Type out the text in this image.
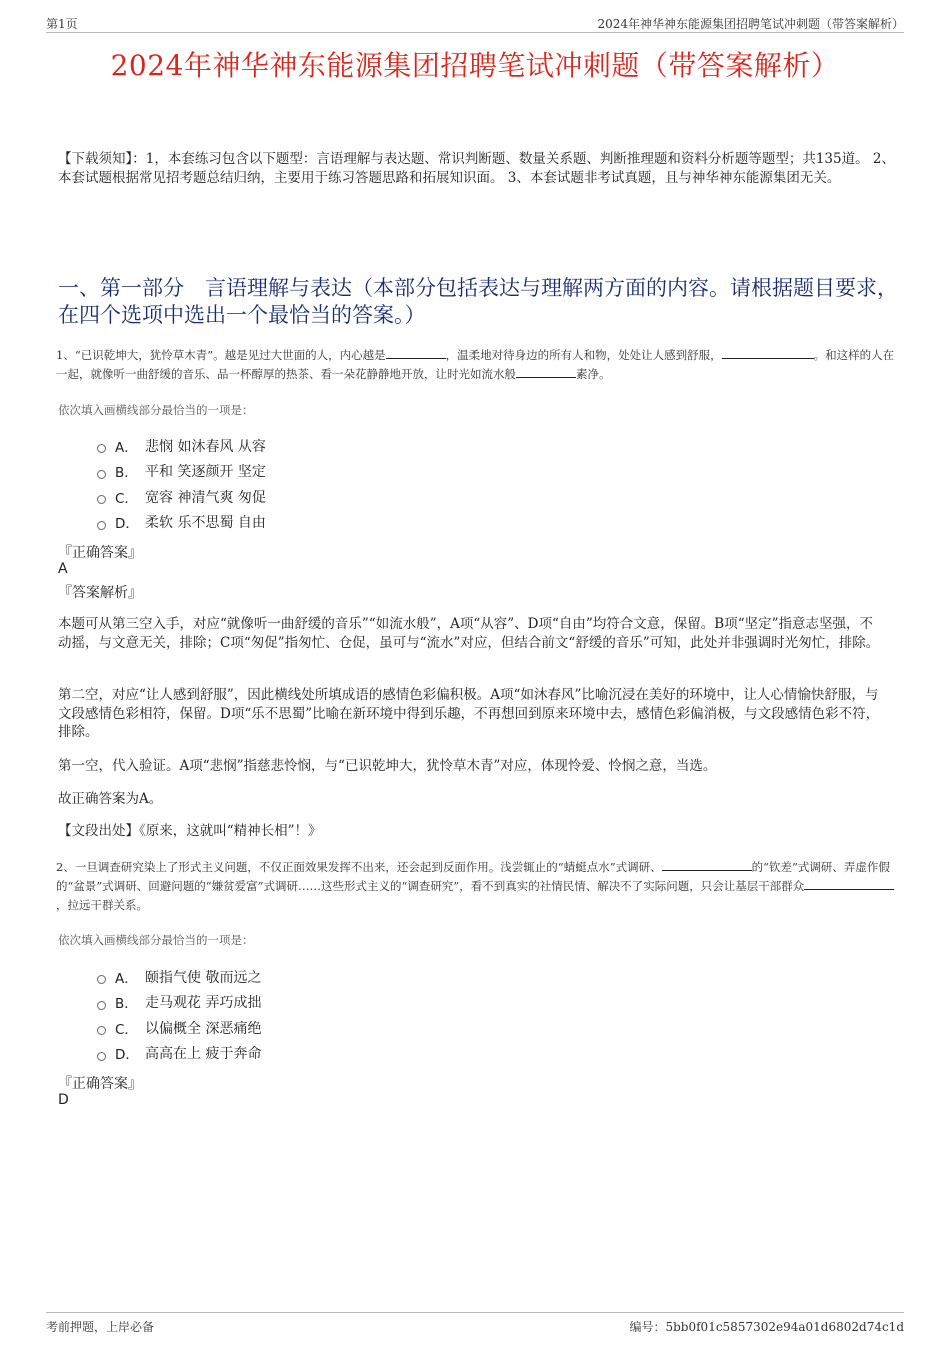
第1页	2024年神华神东能源集团招聘笔试冲刺题（带答案解析）
2024年神华神东能源集团招聘笔试冲刺题（带答案解析）
【下载须知】：1，本套练习包含以下题型：言语理解与表达题、常识判断题、数量关系题、判断推理题和资料分析题等题型；共135道。 2、本套试题根据常见招考题总结归纳，主要用于练习答题思路和拓展知识面。 3、本套试题非考试真题，且与神华神东能源集团无关。
一、第一部分　言语理解与表达（本部分包括表达与理解两方面的内容。请根据题目要求，在四个选项中选出一个最恰当的答案。）
1、“已识乾坤大，犹怜草木青”。越是见过大世面的人，内心越是	，温柔地对待身边的所有人和物，处处让人感到舒服，	。和这样的人在一起，就像听一曲舒缓的音乐、品一杯醇厚的热茶、看一朵花静静地开放，让时光如流水般	素净。
依次填入画横线部分最恰当的一项是：
A． 悲悯 如沐春风 从容
B． 平和 笑逐颜开 坚定
C． 宽容 神清气爽 匆促
D． 柔软 乐不思蜀 自由
『正确答案』
A
『答案解析』
本题可从第三空入手，对应“就像听一曲舒缓的音乐”“如流水般”，A项“从容”、D项“自由”均符合文意，保留。B项“坚定”指意志坚强，不动摇，与文意无关，排除；C项“匆促”指匆忙、仓促，虽可与“流水”对应，但结合前文“舒缓的音乐”可知，此处并非强调时光匆忙，排除。
第二空，对应“让人感到舒服”，因此横线处所填成语的感情色彩偏积极。A项“如沐春风”比喻沉浸在美好的环境中，让人心情愉快舒服，与文段感情色彩相符，保留。D项“乐不思蜀”比喻在新环境中得到乐趣，不再想回到原来环境中去，感情色彩偏消极，与文段感情色彩不符，排除。
第一空，代入验证。A项“悲悯”指慈悲怜悯，与“已识乾坤大，犹怜草木青”对应，体现怜爱、怜悯之意，当选。
故正确答案为A。
【文段出处】《原来，这就叫“精神长相”！》
2、一旦调查研究染上了形式主义问题，不仅正面效果发挥不出来，还会起到反面作用。浅尝辄止的“蜻蜓点水”式调研、	的“钦差”式调研、弄虚作假的“盆景”式调研、回避问题的“嫌贫爱富”式调研……这些形式主义的“调查研究”，看不到真实的社情民情、解决不了实际问题，只会让基层干部群众，拉远干群关系。
依次填入画横线部分最恰当的一项是：
A． 颐指气使 敬而远之
B． 走马观花 弄巧成拙
C． 以偏概全 深恶痛绝
D． 高高在上 疲于奔命
『正确答案』
D
考前押题，上岸必备	编号：5bb0f01c5857302e94a01d6802d74c1d
